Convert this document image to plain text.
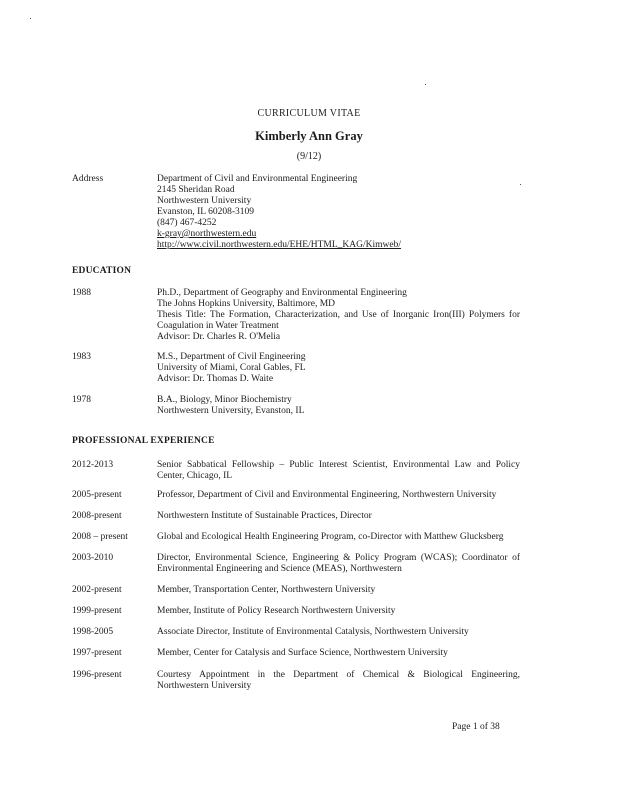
CURRICULUM VITAE
Kimberly Ann Gray
(9/12)
Address	Department of Civil and Environmental Engineering
2145 Sheridan Road
Northwestern University
Evanston, IL 60208-3109
(847) 467-4252
k-gray@northwestern.edu
http://www.civil.northwestern.edu/EHE/HTML_KAG/Kimweb/
EDUCATION
1988	Ph.D., Department of Geography and Environmental Engineering
The Johns Hopkins University, Baltimore, MD
Thesis Title: The Formation, Characterization, and Use of Inorganic Iron(III) Polymers for Coagulation in Water Treatment
Advisor: Dr. Charles R. O'Melia
1983	M.S., Department of Civil Engineering
University of Miami, Coral Gables, FL
Advisor: Dr. Thomas D. Waite
1978	B.A., Biology, Minor Biochemistry
Northwestern University, Evanston, IL
PROFESSIONAL EXPERIENCE
2012-2013	Senior Sabbatical Fellowship – Public Interest Scientist, Environmental Law and Policy Center, Chicago, IL
2005-present	Professor, Department of Civil and Environmental Engineering, Northwestern University
2008-present	Northwestern Institute of Sustainable Practices, Director
2008 – present	Global and Ecological Health Engineering Program, co-Director with Matthew Glucksberg
2003-2010	Director, Environmental Science, Engineering & Policy Program (WCAS); Coordinator of Environmental Engineering and Science (MEAS), Northwestern
2002-present	Member, Transportation Center, Northwestern University
1999-present	Member, Institute of Policy Research Northwestern University
1998-2005	Associate Director, Institute of Environmental Catalysis, Northwestern University
1997-present	Member, Center for Catalysis and Surface Science, Northwestern University
1996-present	Courtesy Appointment in the Department of Chemical & Biological Engineering, Northwestern University
Page 1 of 38
